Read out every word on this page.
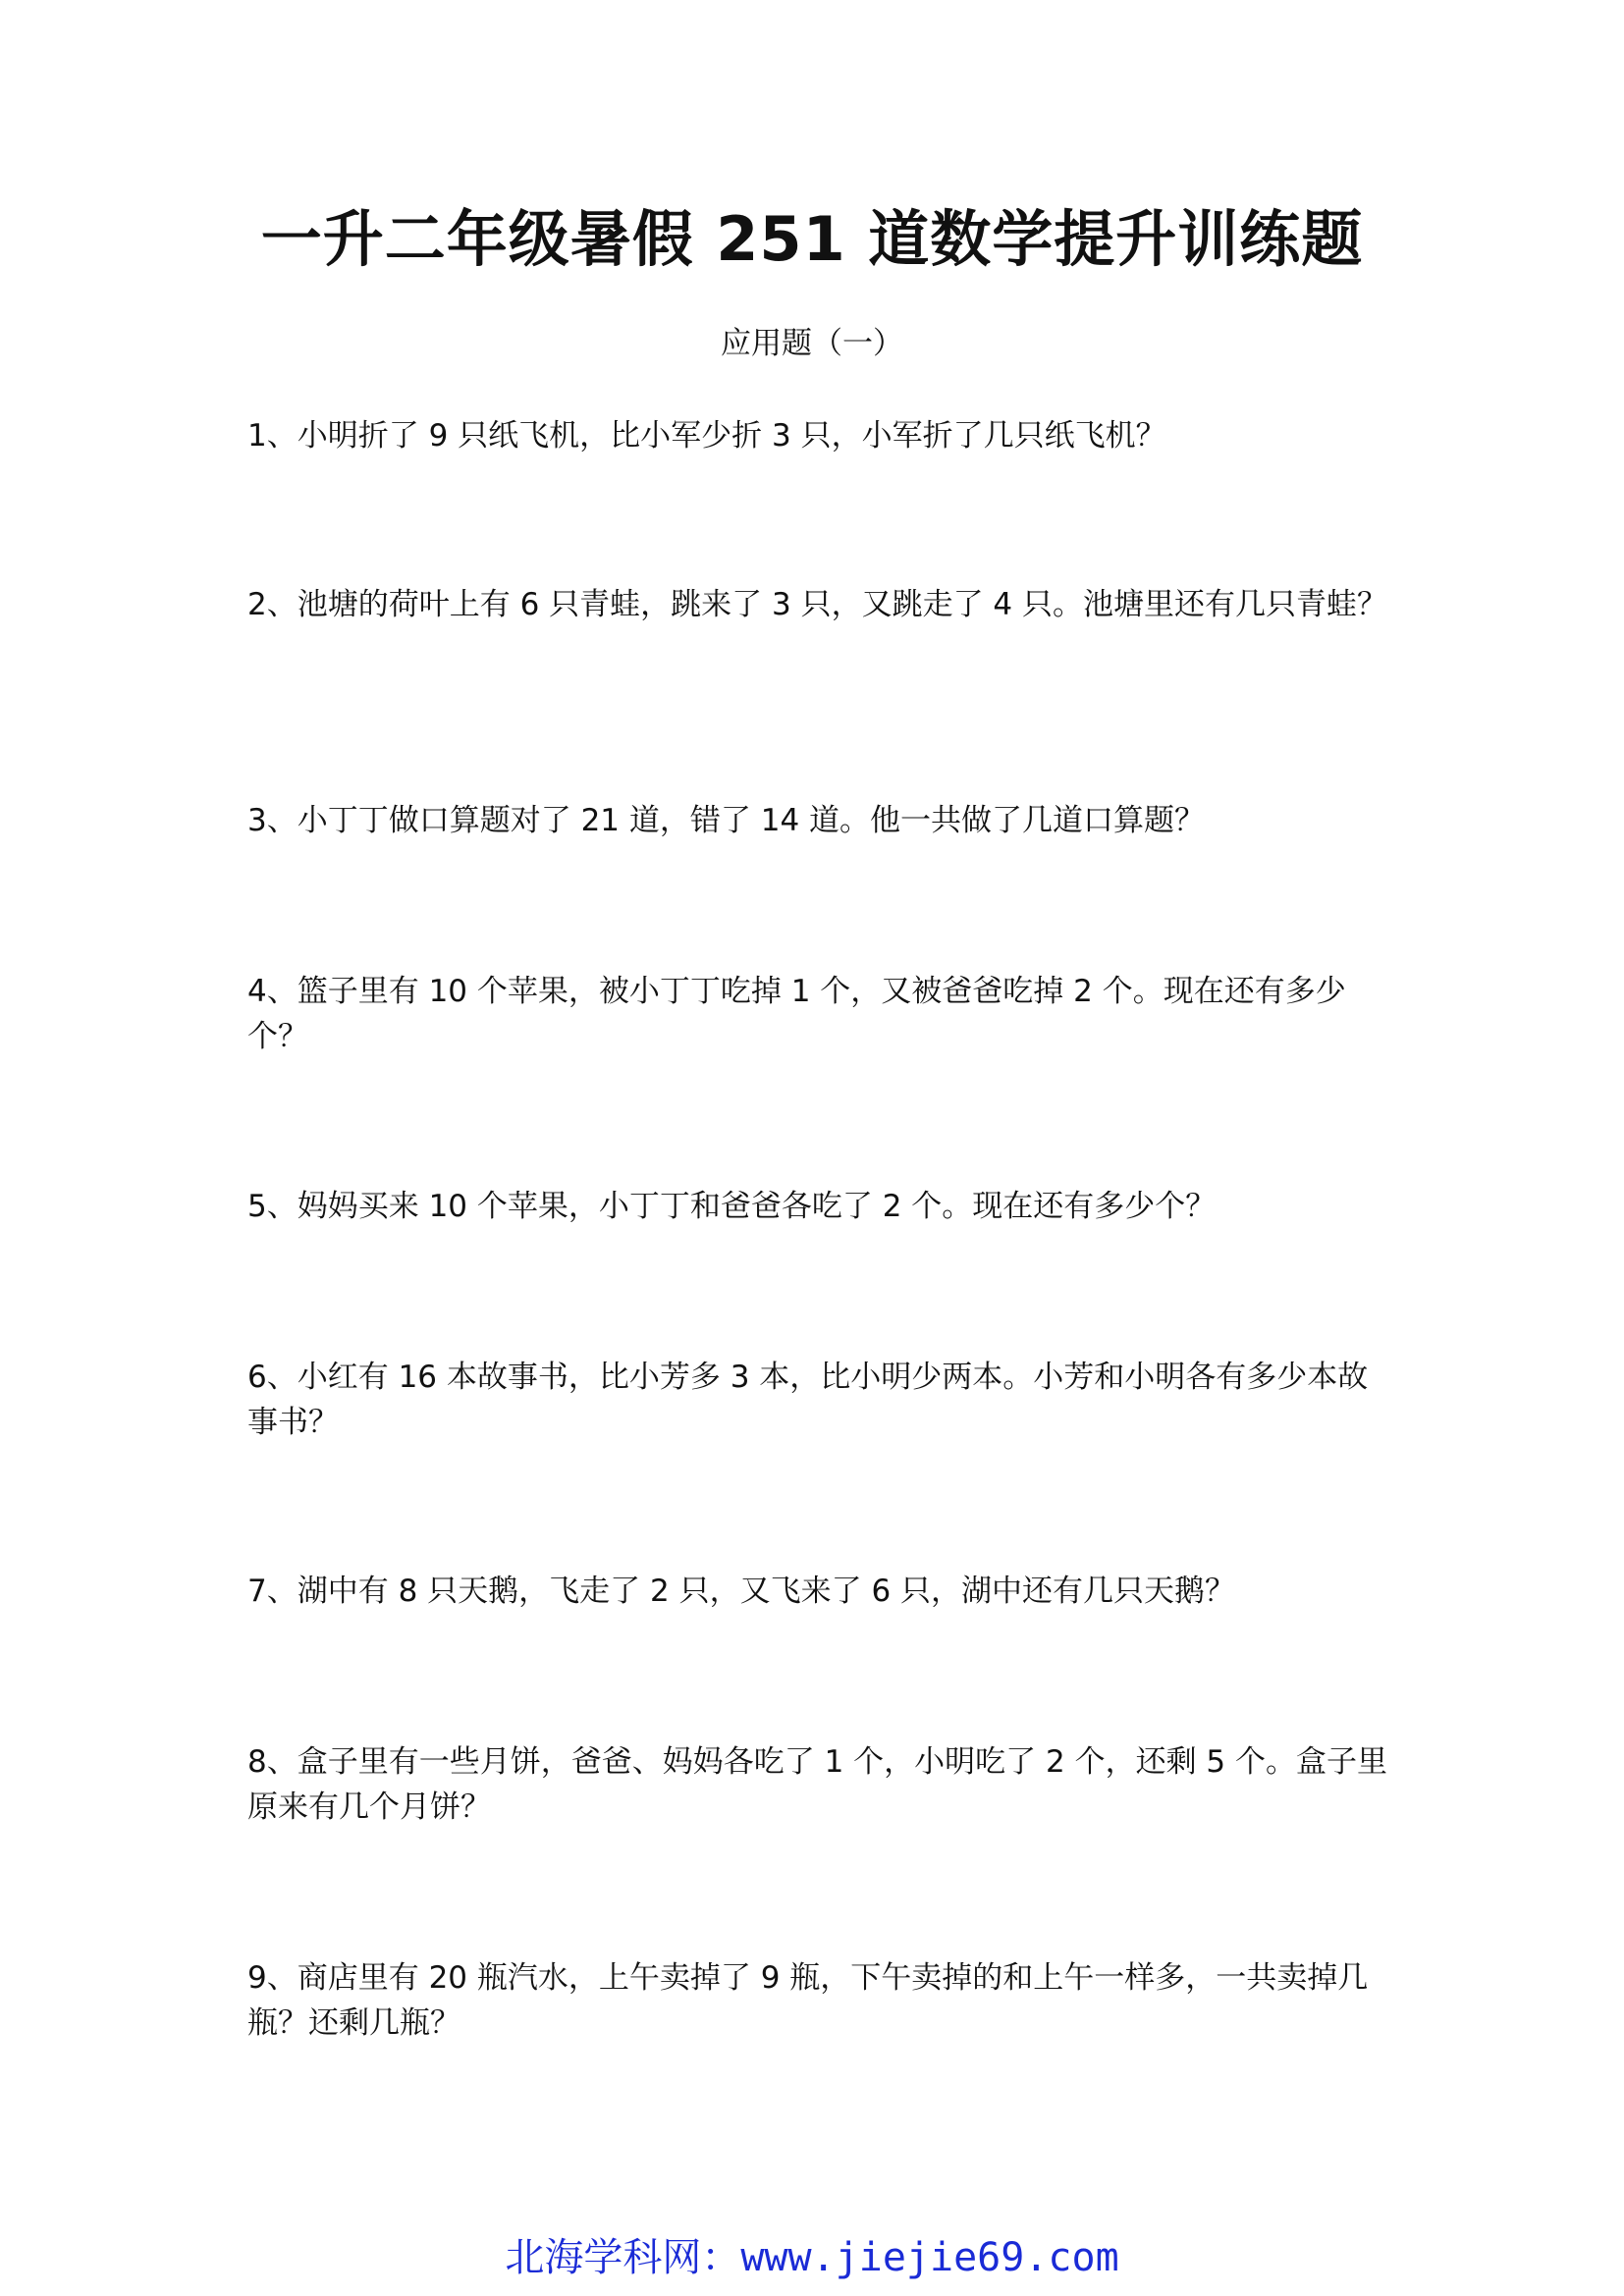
一升二年级暑假 251 道数学提升训练题
应用题（一）

1、小明折了 9 只纸飞机，比小军少折 3 只，小军折了几只纸飞机？

2、池塘的荷叶上有 6 只青蛙，跳来了 3 只，又跳走了 4 只。池塘里还有几只青蛙？

3、小丁丁做口算题对了 21 道，错了 14 道。他一共做了几道口算题？

4、篮子里有 10 个苹果，被小丁丁吃掉 1 个，又被爸爸吃掉 2 个。现在还有多少个？

5、妈妈买来 10 个苹果，小丁丁和爸爸各吃了 2 个。现在还有多少个？

6、小红有 16 本故事书，比小芳多 3 本，比小明少两本。小芳和小明各有多少本故事书？

7、湖中有 8 只天鹅，飞走了 2 只，又飞来了 6 只，湖中还有几只天鹅？

8、盒子里有一些月饼，爸爸、妈妈各吃了 1 个，小明吃了 2 个，还剩 5 个。盒子里原来有几个月饼？

9、商店里有 20 瓶汽水，上午卖掉了 9 瓶，下午卖掉的和上午一样多，一共卖掉几瓶？还剩几瓶？

北海学科网：www.jiejie69.com
